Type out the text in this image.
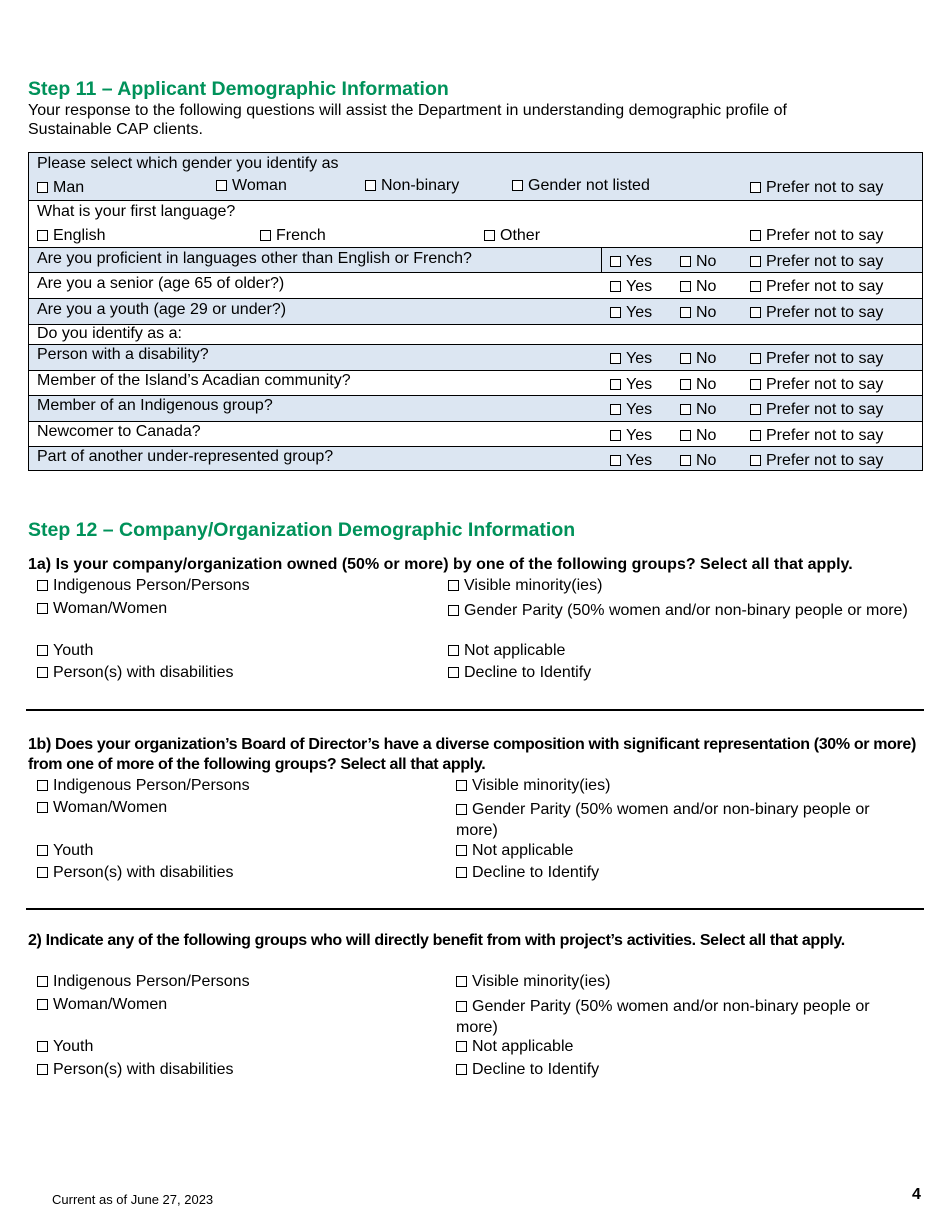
Step 11 – Applicant Demographic Information
Your response to the following questions will assist the Department in understanding demographic profile of
Sustainable CAP clients.
Please select which gender you identify as
Man	Woman	Non-binary	Gender not listed	Prefer not to say
What is your first language?
English	French	Other	Prefer not to say
Are you proficient in languages other than English or French?	Yes	No	Prefer not to say
Are you a senior (age 65 of older?)	Yes	No	Prefer not to say
Are you a youth (age 29 or under?)	Yes	No	Prefer not to say
Do you identify as a:
Person with a disability?	Yes	No	Prefer not to say
Member of the Island’s Acadian community?	Yes	No	Prefer not to say
Member of an Indigenous group?	Yes	No	Prefer not to say
Newcomer to Canada?	Yes	No	Prefer not to say
Part of another under-represented group?	Yes	No	Prefer not to say
Step 12 – Company/Organization Demographic Information
1a) Is your company/organization owned (50% or more) by one of the following groups? Select all that apply.
Indigenous Person/Persons
Woman/Women
Youth
Person(s) with disabilities
Visible minority(ies)
Gender Parity (50% women and/or non-binary people or more)
Not applicable
Decline to Identify
1b) Does your organization’s Board of Director’s have a diverse composition with significant representation (30% or more) from one of more of the following groups? Select all that apply.
Indigenous Person/Persons
Woman/Women
Youth
Person(s) with disabilities
Visible minority(ies)
Gender Parity (50% women and/or non-binary people or more)
Not applicable
Decline to Identify
2) Indicate any of the following groups who will directly benefit from with project’s activities. Select all that apply.
Indigenous Person/Persons
Woman/Women
Youth
Person(s) with disabilities
Visible minority(ies)
Gender Parity (50% women and/or non-binary people or more)
Not applicable
Decline to Identify
Current as of June 27, 2023	4
